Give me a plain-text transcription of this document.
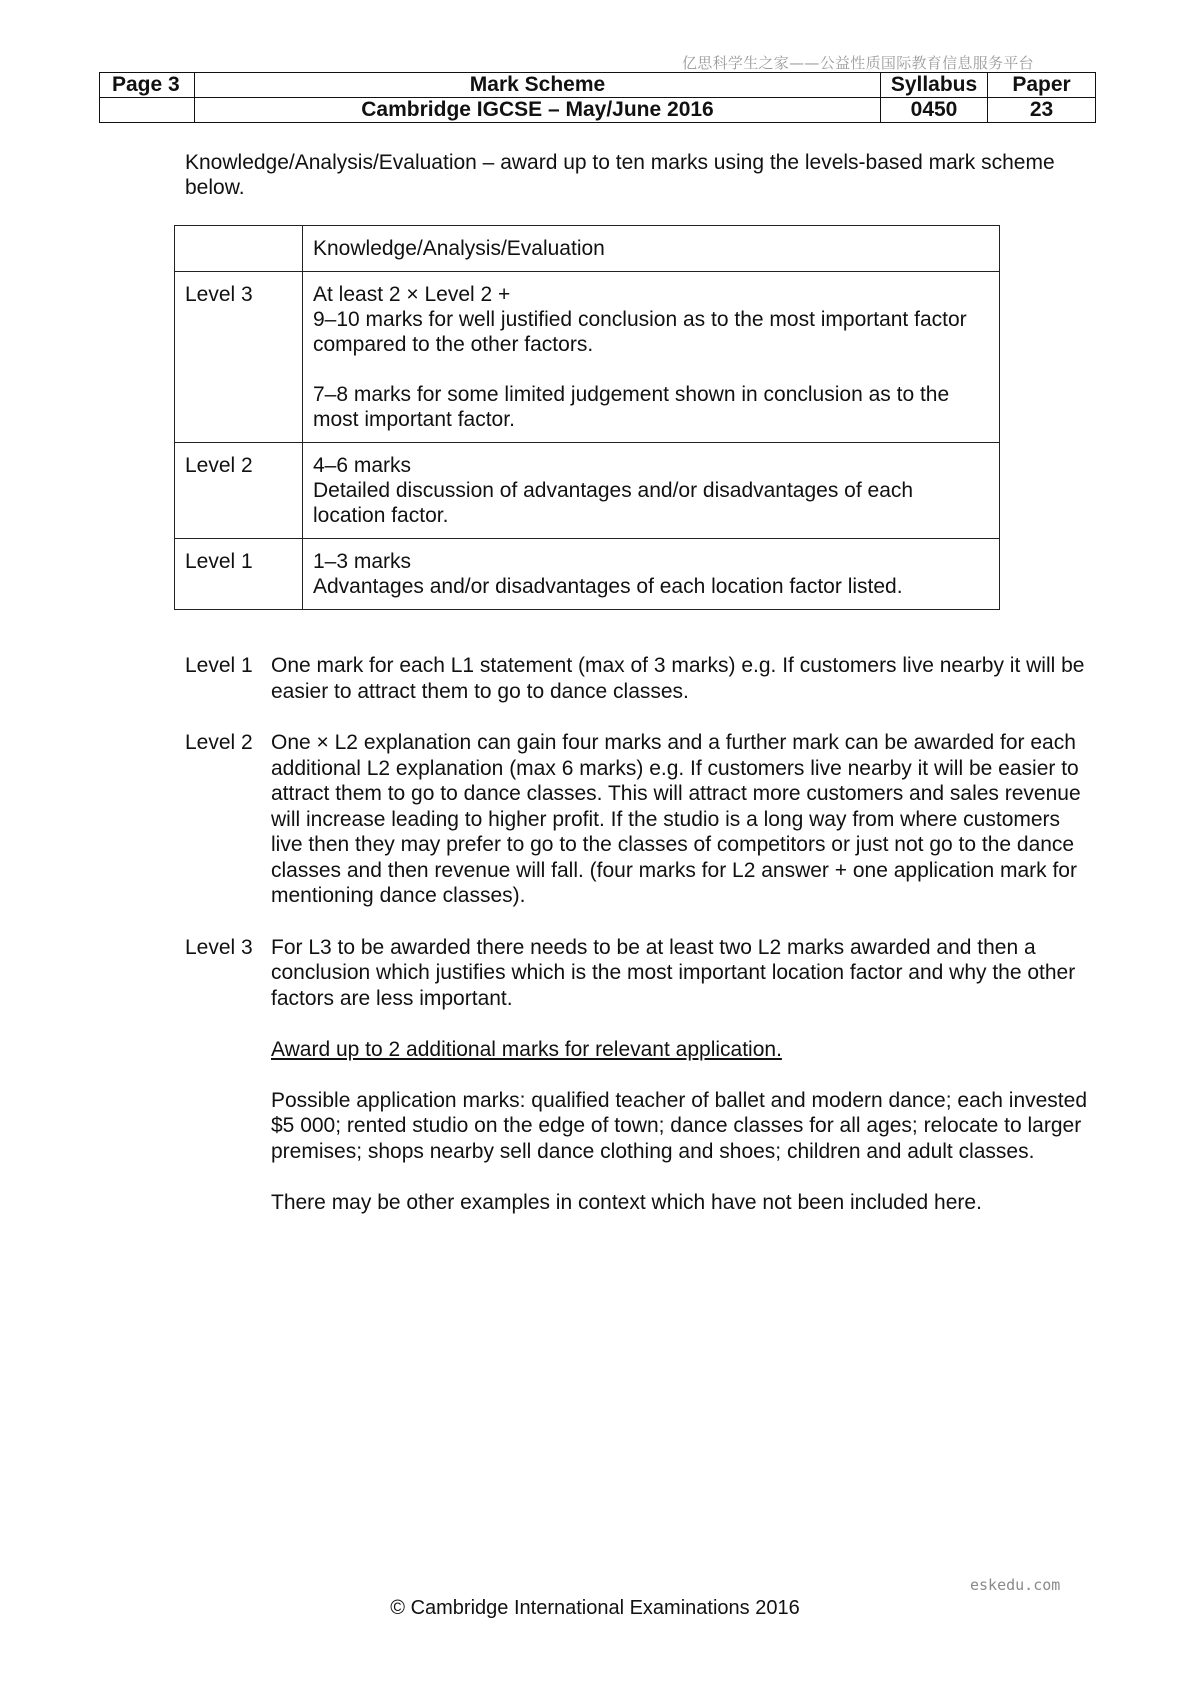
亿思科学生之家——公益性质国际教育信息服务平台
Page 3	Mark Scheme	Syllabus	Paper
	Cambridge IGCSE – May/June 2016	0450	23
Knowledge/Analysis/Evaluation – award up to ten marks using the levels-based mark scheme below.
	Knowledge/Analysis/Evaluation
Level 3	At least 2 × Level 2 +

9–10 marks for well justified conclusion as to the most important factor compared to the other factors.

7–8 marks for some limited judgement shown in conclusion as to the most important factor.

Level 2	4–6 marks

Detailed discussion of advantages and/or disadvantages of each location factor.

Level 1	1–3 marks

Advantages and/or disadvantages of each location factor listed.

Level 1 One mark for each L1 statement (max of 3 marks) e.g. If customers live nearby it will be easier to attract them to go to dance classes.

Level 2 One × L2 explanation can gain four marks and a further mark can be awarded for each additional L2 explanation (max 6 marks) e.g. If customers live nearby it will be easier to attract them to go to dance classes. This will attract more customers and sales revenue will increase leading to higher profit. If the studio is a long way from where customers live then they may prefer to go to the classes of competitors or just not go to the dance classes and then revenue will fall. (four marks for L2 answer + one application mark for mentioning dance classes).

Level 3 For L3 to be awarded there needs to be at least two L2 marks awarded and then a conclusion which justifies which is the most important location factor and why the other factors are less important.

Award up to 2 additional marks for relevant application.

Possible application marks: qualified teacher of ballet and modern dance; each invested $5 000; rented studio on the edge of town; dance classes for all ages; relocate to larger premises; shops nearby sell dance clothing and shoes; children and adult classes.

There may be other examples in context which have not been included here.

eskedu.com
© Cambridge International Examinations 2016
